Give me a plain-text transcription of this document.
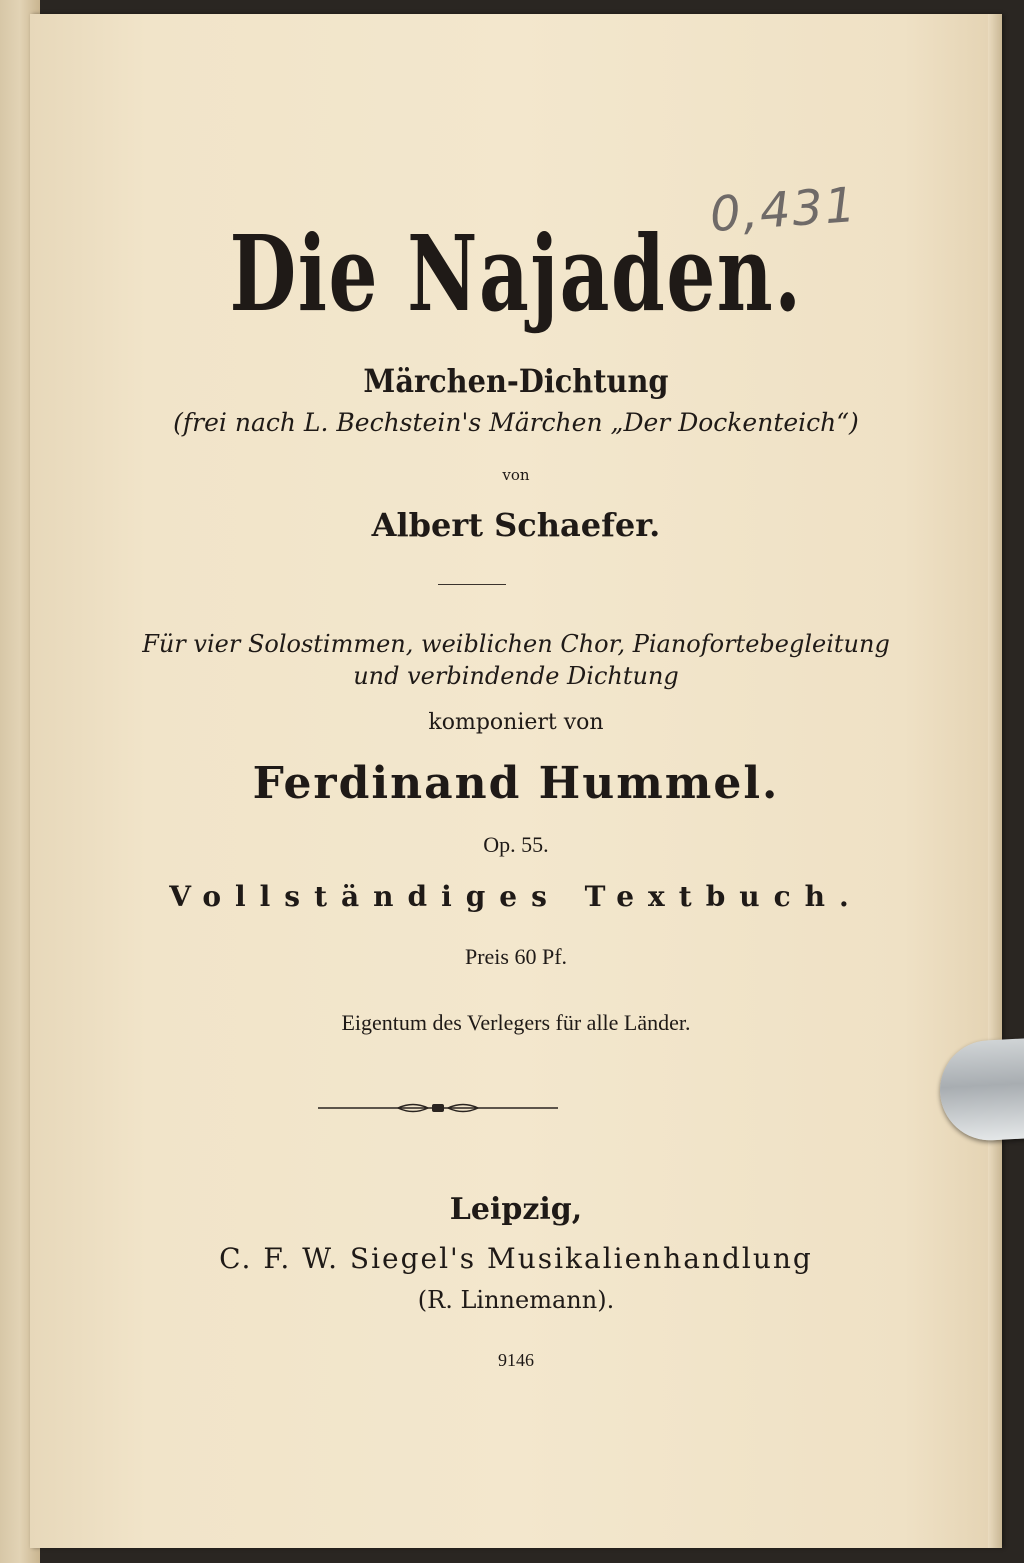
0,431
Die Najaden.
Märchen-Dichtung
(frei nach L. Bechstein's Märchen „Der Dockenteich“)
von
Albert Schaefer.
Für vier Solostimmen, weiblichen Chor, Pianofortebegleitung
und verbindende Dichtung
komponiert von
Ferdinand Hummel.
Op. 55.
Vollständiges Textbuch.
Preis 60 Pf.
Eigentum des Verlegers für alle Länder.
Leipzig,
C. F. W. Siegel's Musikalienhandlung
(R. Linnemann).
9146
